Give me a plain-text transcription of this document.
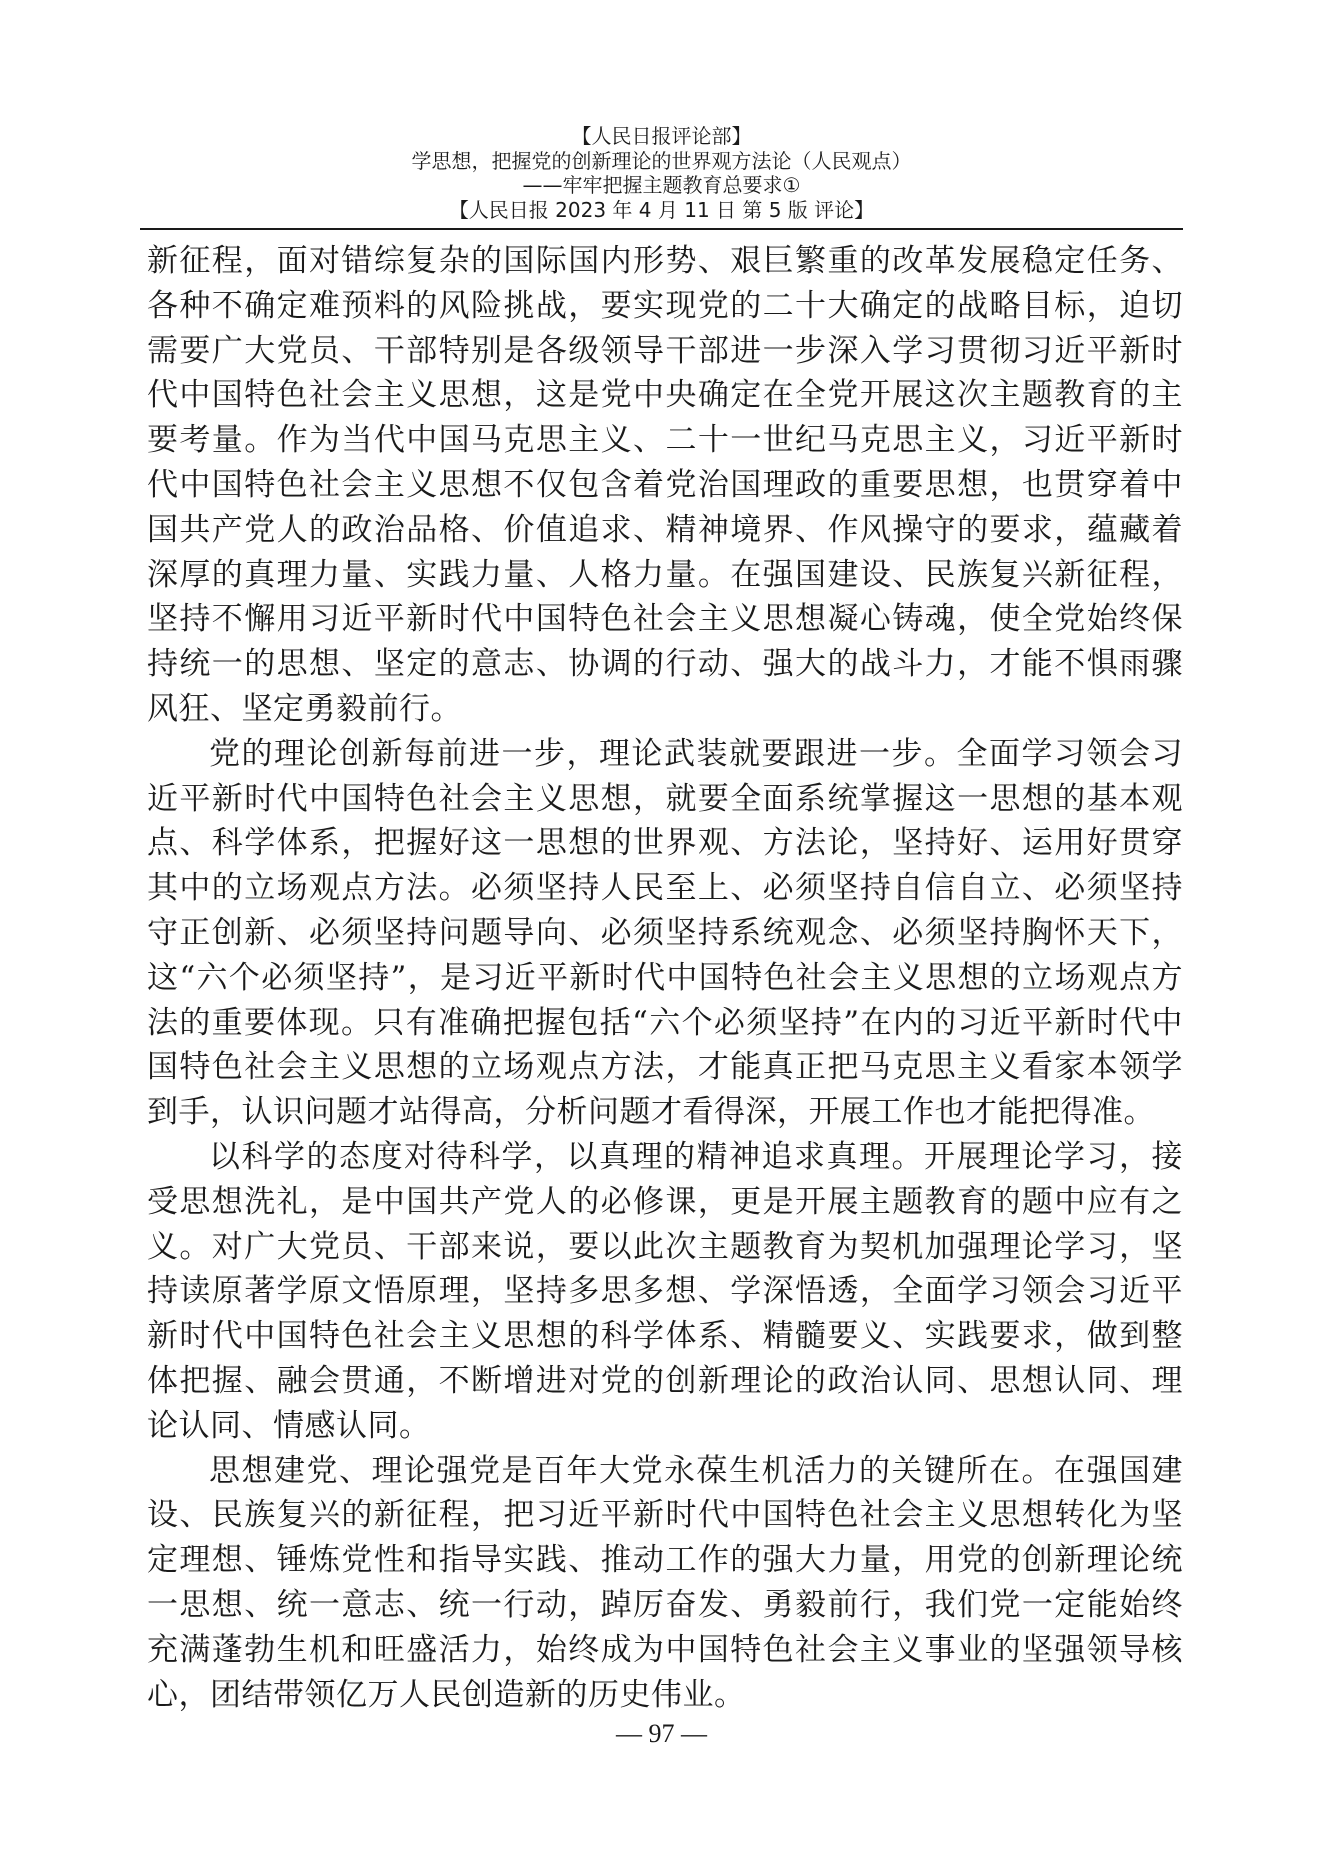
【人民日报评论部】
学思想，把握党的创新理论的世界观方法论（人民观点）
——牢牢把握主题教育总要求①
【人民日报 2023 年 4 月 11 日 第 5 版 评论】

新征程，面对错综复杂的国际国内形势、艰巨繁重的改革发展稳定任务、各种不确定难预料的风险挑战，要实现党的二十大确定的战略目标，迫切需要广大党员、干部特别是各级领导干部进一步深入学习贯彻习近平新时代中国特色社会主义思想，这是党中央确定在全党开展这次主题教育的主要考量。作为当代中国马克思主义、二十一世纪马克思主义，习近平新时代中国特色社会主义思想不仅包含着党治国理政的重要思想，也贯穿着中国共产党人的政治品格、价值追求、精神境界、作风操守的要求，蕴藏着深厚的真理力量、实践力量、人格力量。在强国建设、民族复兴新征程，坚持不懈用习近平新时代中国特色社会主义思想凝心铸魂，使全党始终保持统一的思想、坚定的意志、协调的行动、强大的战斗力，才能不惧雨骤风狂、坚定勇毅前行。

党的理论创新每前进一步，理论武装就要跟进一步。全面学习领会习近平新时代中国特色社会主义思想，就要全面系统掌握这一思想的基本观点、科学体系，把握好这一思想的世界观、方法论，坚持好、运用好贯穿其中的立场观点方法。必须坚持人民至上、必须坚持自信自立、必须坚持守正创新、必须坚持问题导向、必须坚持系统观念、必须坚持胸怀天下，这“六个必须坚持”，是习近平新时代中国特色社会主义思想的立场观点方法的重要体现。只有准确把握包括“六个必须坚持”在内的习近平新时代中国特色社会主义思想的立场观点方法，才能真正把马克思主义看家本领学到手，认识问题才站得高，分析问题才看得深，开展工作也才能把得准。

以科学的态度对待科学，以真理的精神追求真理。开展理论学习，接受思想洗礼，是中国共产党人的必修课，更是开展主题教育的题中应有之义。对广大党员、干部来说，要以此次主题教育为契机加强理论学习，坚持读原著学原文悟原理，坚持多思多想、学深悟透，全面学习领会习近平新时代中国特色社会主义思想的科学体系、精髓要义、实践要求，做到整体把握、融会贯通，不断增进对党的创新理论的政治认同、思想认同、理论认同、情感认同。

思想建党、理论强党是百年大党永葆生机活力的关键所在。在强国建设、民族复兴的新征程，把习近平新时代中国特色社会主义思想转化为坚定理想、锤炼党性和指导实践、推动工作的强大力量，用党的创新理论统一思想、统一意志、统一行动，踔厉奋发、勇毅前行，我们党一定能始终充满蓬勃生机和旺盛活力，始终成为中国特色社会主义事业的坚强领导核心，团结带领亿万人民创造新的历史伟业。

— 97 —
